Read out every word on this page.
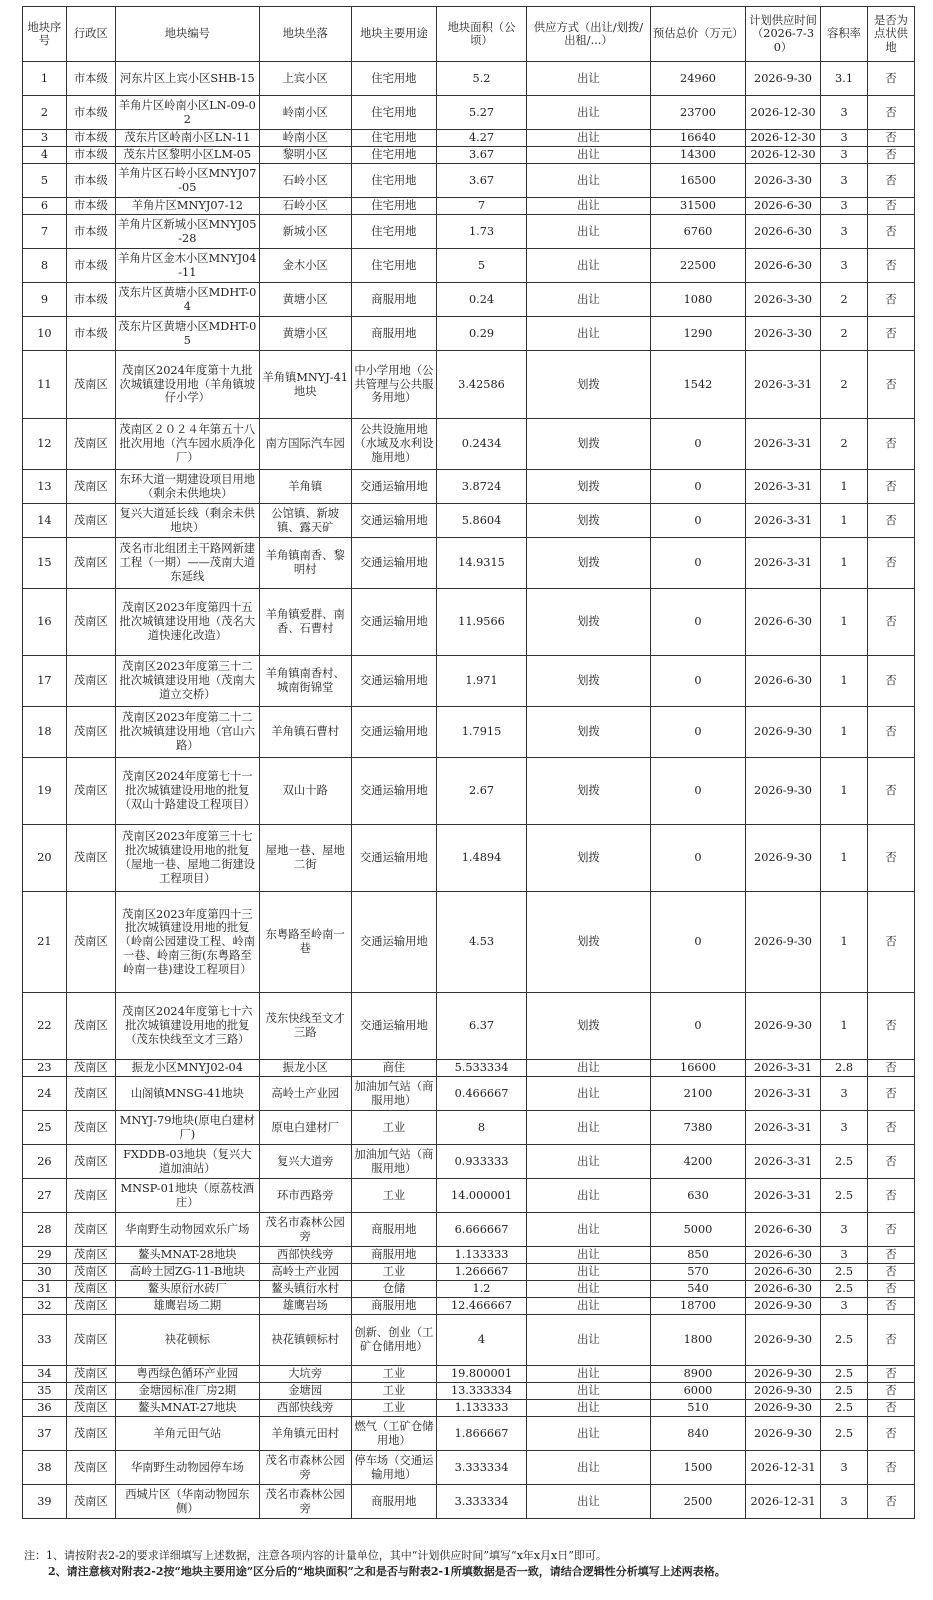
地块序号	行政区	地块编号	地块坐落	地块主要用途	地块面积（公顷）	供应方式（出让/划拨/出租/...）	预估总价（万元）	计划供应时间（2026-7-30）	容积率	是否为点状供地
1	市本级	河东片区上宾小区SHB-15	上宾小区	住宅用地	5.2	出让	24960	2026-9-30	3.1	否
2	市本级	羊角片区岭南小区LN-09-02	岭南小区	住宅用地	5.27	出让	23700	2026-12-30	3	否
3	市本级	茂东片区岭南小区LN-11	岭南小区	住宅用地	4.27	出让	16640	2026-12-30	3	否
4	市本级	茂东片区黎明小区LM-05	黎明小区	住宅用地	3.67	出让	14300	2026-12-30	3	否
5	市本级	羊角片区石岭小区MNYJ07-05	石岭小区	住宅用地	3.67	出让	16500	2026-3-30	3	否
6	市本级	羊角片区MNYJ07-12	石岭小区	住宅用地	7	出让	31500	2026-6-30	3	否
7	市本级	羊角片区新城小区MNYJ05-28	新城小区	住宅用地	1.73	出让	6760	2026-6-30	3	否
8	市本级	羊角片区金木小区MNYJ04-11	金木小区	住宅用地	5	出让	22500	2026-6-30	3	否
9	市本级	茂东片区黄塘小区MDHT-04	黄塘小区	商服用地	0.24	出让	1080	2026-3-30	2	否
10	市本级	茂东片区黄塘小区MDHT-05	黄塘小区	商服用地	0.29	出让	1290	2026-3-30	2	否
11	茂南区	茂南区2024年度第十九批次城镇建设用地（羊角镇坡仔小学）	羊角镇MNYJ-41地块	中小学用地（公共管理与公共服务用地）	3.42586	划拨	1542	2026-3-31	2	否
12	茂南区	茂南区２０２４年第五十八批次用地（汽车园水质净化厂）	南方国际汽车园	公共设施用地（水域及水利设施用地）	0.2434	划拨	0	2026-3-31	2	否
13	茂南区	东环大道一期建设项目用地（剩余未供地块）	羊角镇	交通运输用地	3.8724	划拨	0	2026-3-31	1	否
14	茂南区	复兴大道延长线（剩余未供地块）	公馆镇、新坡镇、露天矿	交通运输用地	5.8604	划拨	0	2026-3-31	1	否
15	茂南区	茂名市北组团主干路网新建工程（一期）——茂南大道东延线	羊角镇南香、黎明村	交通运输用地	14.9315	划拨	0	2026-3-31	1	否
16	茂南区	茂南区2023年度第四十五批次城镇建设用地（茂名大道快速化改造）	羊角镇爱群、南香、石曹村	交通运输用地	11.9566	划拨	0	2026-6-30	1	否
17	茂南区	茂南区2023年度第三十二批次城镇建设用地（茂南大道立交桥）	羊角镇南香村、城南街锦堂	交通运输用地	1.971	划拨	0	2026-6-30	1	否
18	茂南区	茂南区2023年度第二十二批次城镇建设用地（官山六路）	羊角镇石曹村	交通运输用地	1.7915	划拨	0	2026-9-30	1	否
19	茂南区	茂南区2024年度第七十一批次城镇建设用地的批复（双山十路建设工程项目）	双山十路	交通运输用地	2.67	划拨	0	2026-9-30	1	否
20	茂南区	茂南区2023年度第三十七批次城镇建设用地的批复（屋地一巷、屋地二街建设工程项目）	屋地一巷、屋地二街	交通运输用地	1.4894	划拨	0	2026-9-30	1	否
21	茂南区	茂南区2023年度第四十三批次城镇建设用地的批复（岭南公园建设工程、岭南一巷、岭南三街(东粤路至岭南一巷)建设工程项目）	东粤路至岭南一巷	交通运输用地	4.53	划拨	0	2026-9-30	1	否
22	茂南区	茂南区2024年度第七十六批次城镇建设用地的批复（茂东快线至文才三路）	茂东快线至文才三路	交通运输用地	6.37	划拨	0	2026-9-30	1	否
23	茂南区	振龙小区MNYJ02-04	振龙小区	商住	5.533334	出让	16600	2026-3-31	2.8	否
24	茂南区	山阁镇MNSG-41地块	高岭土产业园	加油加气站（商服用地）	0.466667	出让	2100	2026-3-31	3	否
25	茂南区	MNYJ-79地块(原电白建材厂)	原电白建材厂	工业	8	出让	7380	2026-3-31	3	否
26	茂南区	FXDDB-03地块（复兴大道加油站）	复兴大道旁	加油加气站（商服用地）	0.933333	出让	4200	2026-3-31	2.5	否
27	茂南区	MNSP-01地块（原荔枝酒庄）	环市西路旁	工业	14.000001	出让	630	2026-3-31	2.5	否
28	茂南区	华南野生动物园欢乐广场	茂名市森林公园旁	商服用地	6.666667	出让	5000	2026-6-30	3	否
29	茂南区	鳌头MNAT-28地块	西部快线旁	商服用地	1.133333	出让	850	2026-6-30	3	否
30	茂南区	高岭土园ZG-11-B地块	高岭土产业园	工业	1.266667	出让	570	2026-6-30	2.5	否
31	茂南区	鳌头原衍水砖厂	鳌头镇衍水村	仓储	1.2	出让	540	2026-6-30	2.5	否
32	茂南区	雄鹰岩场二期	雄鹰岩场	商服用地	12.466667	出让	18700	2026-9-30	3	否
33	茂南区	袂花顿标	袂花镇顿标村	创新、创业（工矿仓储用地）	4	出让	1800	2026-9-30	2.5	否
34	茂南区	粤西绿色循环产业园	大坑旁	工业	19.800001	出让	8900	2026-9-30	2.5	否
35	茂南区	金塘园标准厂房2期	金塘园	工业	13.333334	出让	6000	2026-9-30	2.5	否
36	茂南区	鳌头MNAT-27地块	西部快线旁	工业	1.133333	出让	510	2026-9-30	2.5	否
37	茂南区	羊角元田气站	羊角镇元田村	燃气（工矿仓储用地）	1.866667	出让	840	2026-9-30	2.5	否
38	茂南区	华南野生动物园停车场	茂名市森林公园旁	停车场（交通运输用地）	3.333334	出让	1500	2026-12-31	3	否
39	茂南区	西城片区（华南动物园东侧）	茂名市森林公园旁	商服用地	3.333334	出让	2500	2026-12-31	3	否
注：1、请按附表2-2的要求详细填写上述数据，注意各项内容的计量单位，其中“计划供应时间”填写“x年x月x日”即可。
2、请注意核对附表2-2按“地块主要用途”区分后的“地块面积”之和是否与附表2-1所填数据是否一致，请结合逻辑性分析填写上述两表格。
